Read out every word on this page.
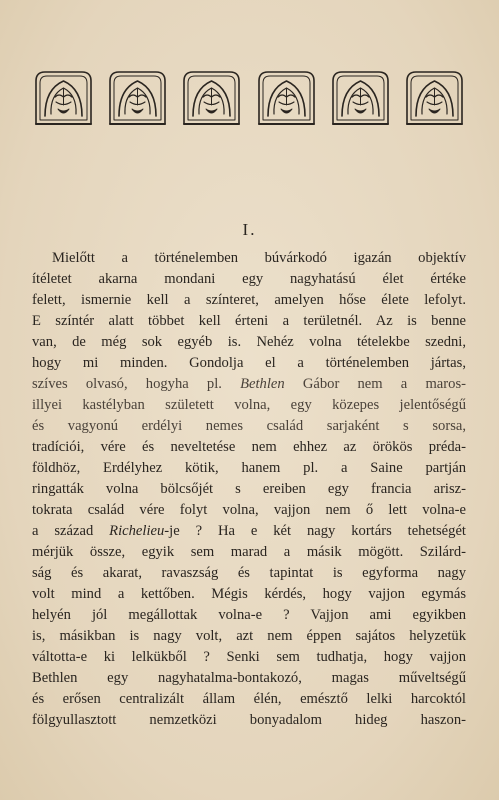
I.
Mielőtt a történelemben búvárkodó igazán objektív
ítéletet akarna mondani egy nagyhatású élet értéke
felett, ismernie kell a színteret, amelyen hőse élete lefolyt.
E színtér alatt többet kell érteni a területnél. Az is benne
van, de még sok egyéb is. Nehéz volna tételekbe szedni,
hogy mi minden. Gondolja el a történelemben jártas,
szíves olvasó, hogyha pl. Bethlen Gábor nem a maros-
illyei kastélyban született volna, egy közepes jelentőségű
és vagyonú erdélyi nemes család sarjaként s sorsa,
tradíciói, vére és neveltetése nem ehhez az örökös préda-
földhöz, Erdélyhez kötik, hanem pl. a Saine partján
ringatták volna bölcsőjét s ereiben egy francia arisz-
tokrata család vére folyt volna, vajjon nem ő lett volna-e
a század Richelieu-je ? Ha e két nagy kortárs tehetségét
mérjük össze, egyik sem marad a másik mögött. Szilárd-
ság és akarat, ravaszság és tapintat is egyforma nagy
volt mind a kettőben. Mégis kérdés, hogy vajjon egymás
helyén jól megállottak volna-e ? Vajjon ami egyikben
is, másikban is nagy volt, azt nem éppen sajátos helyzetük
váltotta-e ki lelkükből ? Senki sem tudhatja, hogy vajjon
Bethlen egy nagyhatalma-bontakozó, magas műveltségű
és erősen centralizált állam élén, emésztő lelki harcoktól
fölgyullasztott nemzetközi bonyadalom hideg haszon-
